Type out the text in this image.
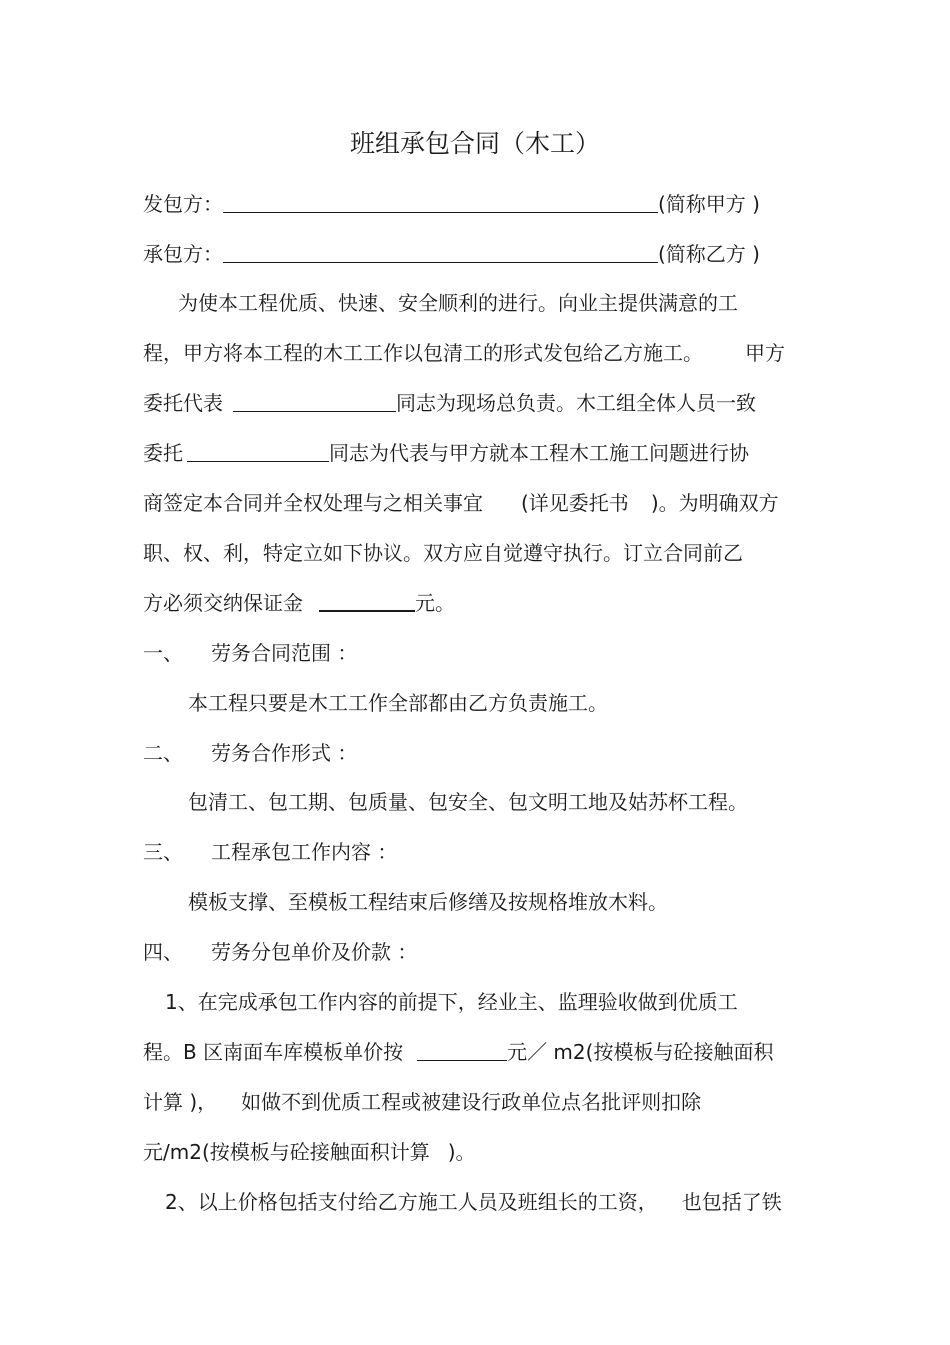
班组承包合同（木工）
发包方：	(简称甲方 )
承包方：	(简称乙方 )
为使本工程优质、快速、安全顺利的进行。向业主提供满意的工
程，甲方将本工程的木工工作以包清工的形式发包给乙方施工。 甲方
委托代表	同志为现场总负责。木工组全体人员一致
委托	同志为代表与甲方就本工程木工施工问题进行协
商签定本合同并全权处理与之相关事宜 (详见委托书 )。为明确双方
职、权、利，特定立如下协议。双方应自觉遵守执行。订立合同前乙
方必须交纳保证金	元。
一、 劳务合同范围 ：
本工程只要是木工工作全部都由乙方负责施工。
二、 劳务合作形式 ：
包清工、包工期、包质量、包安全、包文明工地及姑苏杯工程。
三、 工程承包工作内容 ：
模板支撑、至模板工程结束后修缮及按规格堆放木料。
四、 劳务分包单价及价款 ：
1、在完成承包工作内容的前提下，经业主、监理验收做到优质工
程。B 区南面车库模板单价按	元／ m2(按模板与砼接触面积
计算 )， 如做不到优质工程或被建设行政单位点名批评则扣除
元/m2(按模板与砼接触面积计算 )。
2、以上价格包括支付给乙方施工人员及班组长的工资， 也包括了铁
